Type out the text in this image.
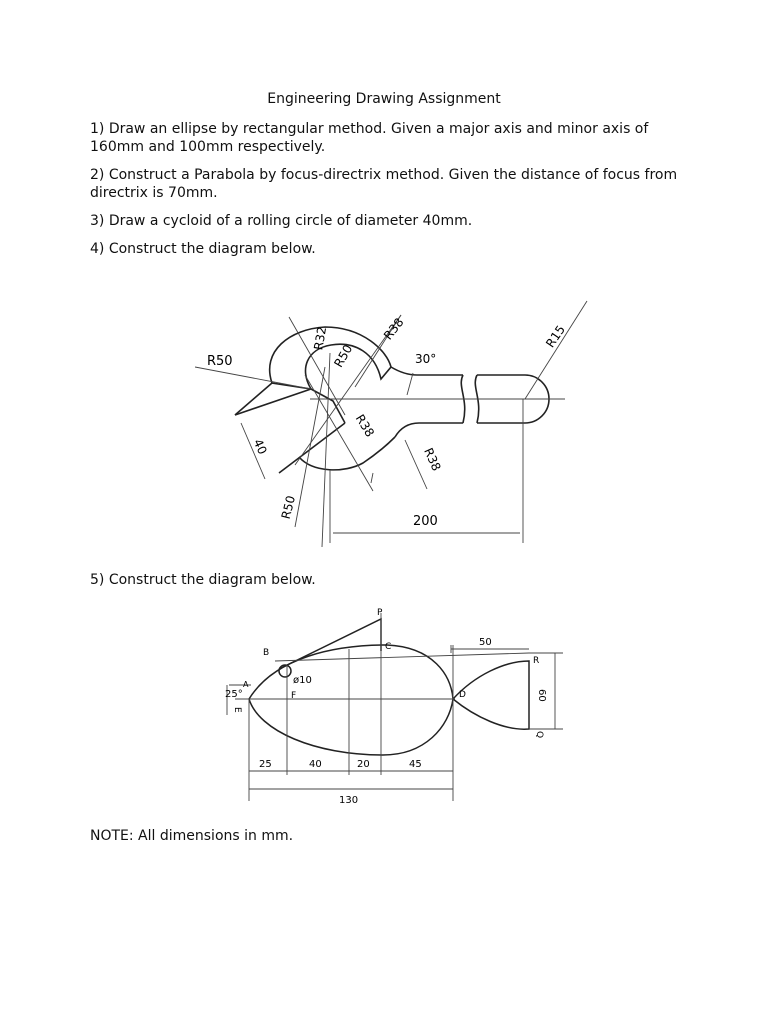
Engineering Drawing Assignment
1) Draw an ellipse by rectangular method. Given a major axis and minor axis of 160mm and 100mm respectively.
2) Construct a Parabola by focus-directrix method. Given the distance of focus from directrix is 70mm.
3) Draw a cycloid of a rolling circle of diameter 40mm.
4) Construct the diagram below.
R50
R32
R50
R38
30°
R15
R38
R38
40
R50
200
5) Construct the diagram below.
P
B
C
ø10
A
F
E
D
R
Q
25°
50
60
25	40	20	45
130
NOTE: All dimensions in mm.
